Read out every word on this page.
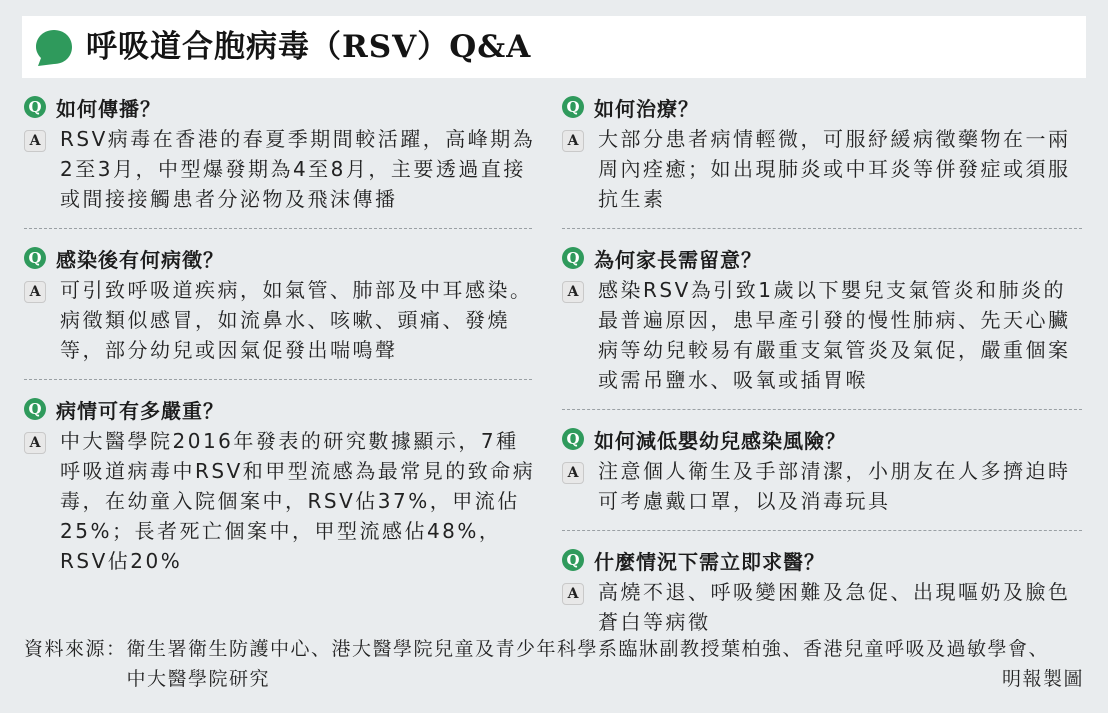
呼吸道合胞病毒（RSV）Q&A
Q 如何傳播？
A RSV病毒在香港的春夏季期間較活躍，高峰期為2至3月，中型爆發期為4至8月，主要透過直接或間接接觸患者分泌物及飛沫傳播
Q 感染後有何病徵？
A 可引致呼吸道疾病，如氣管、肺部及中耳感染。病徵類似感冒，如流鼻水、咳嗽、頭痛、發燒等，部分幼兒或因氣促發出喘鳴聲
Q 病情可有多嚴重？
A 中大醫學院2016年發表的研究數據顯示，7種呼吸道病毒中RSV和甲型流感為最常見的致命病毒，在幼童入院個案中，RSV佔37%，甲流佔25%；長者死亡個案中，甲型流感佔48%，RSV佔20%
Q 如何治療？
A 大部分患者病情輕微，可服紓緩病徵藥物在一兩周內痊癒；如出現肺炎或中耳炎等併發症或須服抗生素
Q 為何家長需留意？
A 感染RSV為引致1歲以下嬰兒支氣管炎和肺炎的最普遍原因，患早產引發的慢性肺病、先天心臟病等幼兒較易有嚴重支氣管炎及氣促，嚴重個案或需吊鹽水、吸氧或插胃喉
Q 如何減低嬰幼兒感染風險？
A 注意個人衛生及手部清潔，小朋友在人多擠迫時可考慮戴口罩，以及消毒玩具
Q 什麼情況下需立即求醫？
A 高燒不退、呼吸變困難及急促、出現嘔奶及臉色蒼白等病徵
資料來源： 衛生署衛生防護中心、港大醫學院兒童及青少年科學系臨牀副教授葉柏強、香港兒童呼吸及過敏學會、中大醫學院研究	明報製圖
